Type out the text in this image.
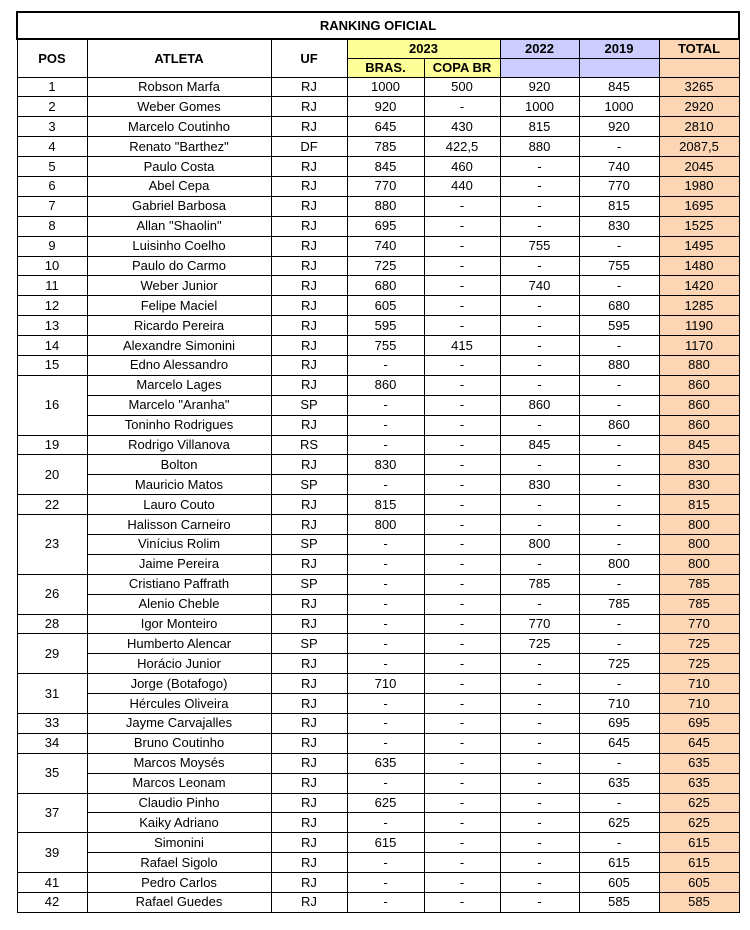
RANKING OFICIAL							
POS	ATLETA	UF	2023		2022	2019	TOTAL
			BRAS.	COPA BR			
1	Robson Marfa	RJ	1000	500	920	845	3265
2	Weber Gomes	RJ	920	-	1000	1000	2920
3	Marcelo Coutinho	RJ	645	430	815	920	2810
4	Renato "Barthez"	DF	785	422,5	880	-	2087,5
5	Paulo Costa	RJ	845	460	-	740	2045
6	Abel Cepa	RJ	770	440	-	770	1980
7	Gabriel Barbosa	RJ	880	-	-	815	1695
8	Allan "Shaolin"	RJ	695	-	-	830	1525
9	Luisinho Coelho	RJ	740	-	755	-	1495
10	Paulo do Carmo	RJ	725	-	-	755	1480
11	Weber Junior	RJ	680	-	740	-	1420
12	Felipe Maciel	RJ	605	-	-	680	1285
13	Ricardo Pereira	RJ	595	-	-	595	1190
14	Alexandre Simonini	RJ	755	415	-	-	1170
15	Edno Alessandro	RJ	-	-	-	880	880
16	Marcelo Lages	RJ	860	-	-	-	860
	Marcelo "Aranha"	SP	-	-	860	-	860
	Toninho Rodrigues	RJ	-	-	-	860	860
19	Rodrigo Villanova	RS	-	-	845	-	845
20	Bolton	RJ	830	-	-	-	830
	Mauricio Matos	SP	-	-	830	-	830
22	Lauro Couto	RJ	815	-	-	-	815
23	Halisson Carneiro	RJ	800	-	-	-	800
	Vinícius Rolim	SP	-	-	800	-	800
	Jaime Pereira	RJ	-	-	-	800	800
26	Cristiano Paffrath	SP	-	-	785	-	785
	Alenio Cheble	RJ	-	-	-	785	785
28	Igor Monteiro	RJ	-	-	770	-	770
29	Humberto Alencar	SP	-	-	725	-	725
	Horácio Junior	RJ	-	-	-	725	725
31	Jorge (Botafogo)	RJ	710	-	-	-	710
	Hércules Oliveira	RJ	-	-	-	710	710
33	Jayme Carvajalles	RJ	-	-	-	695	695
34	Bruno Coutinho	RJ	-	-	-	645	645
35	Marcos Moysés	RJ	635	-	-	-	635
	Marcos Leonam	RJ	-	-	-	635	635
37	Claudio Pinho	RJ	625	-	-	-	625
	Kaiky Adriano	RJ	-	-	-	625	625
39	Simonini	RJ	615	-	-	-	615
	Rafael Sigolo	RJ	-	-	-	615	615
41	Pedro Carlos	RJ	-	-	-	605	605
42	Rafael Guedes	RJ	-	-	-	585	585
